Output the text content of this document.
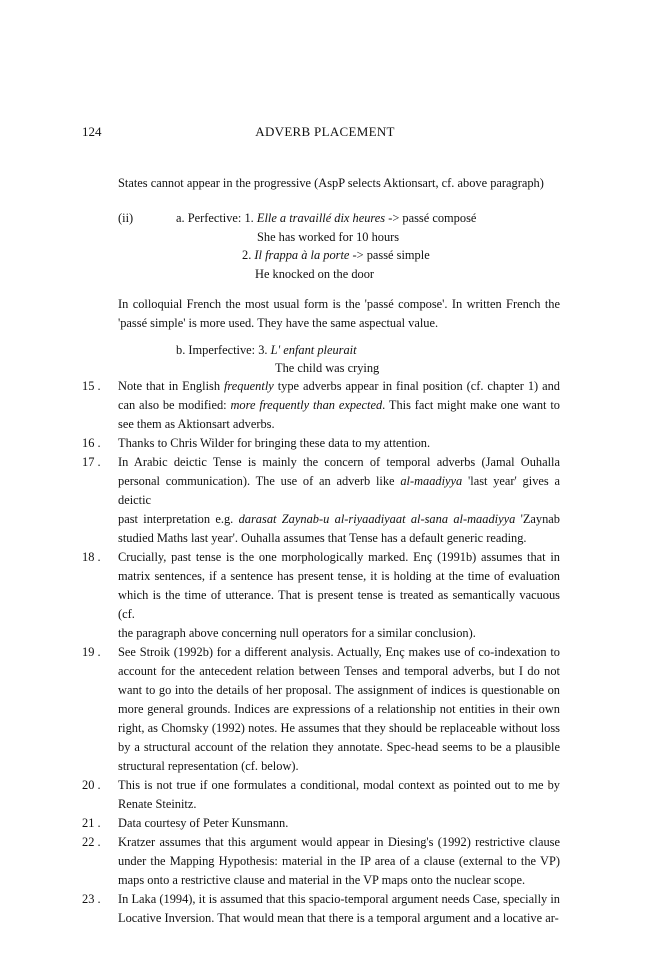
124	ADVERB PLACEMENT
States cannot appear in the progressive (AspP selects Aktionsart, cf. above paragraph)
(ii)	a. Perfective: 1. Elle a travaillé dix heures -> passé composé
She has worked for 10 hours
2. Il frappa à la porte -> passé simple
He knocked on the door
In colloquial French the most usual form is the 'passé compose'. In written French the
'passé simple' is more used. They have the same aspectual value.
b. Imperfective: 3. L' enfant pleurait
The child was crying
15 .	Note that in English frequently type adverbs appear in final position (cf. chapter 1) and
can also be modified: more frequently than expected. This fact might make one want to
see them as Aktionsart adverbs.
16 .	Thanks to Chris Wilder for bringing these data to my attention.
17 .	In Arabic deictic Tense is mainly the concern of temporal adverbs (Jamal Ouhalla
personal communication). The use of an adverb like al-maadiyya 'last year' gives a deictic
past interpretation e.g. darasat Zaynab-u al-riyaadiyaat al-sana al-maadiyya 'Zaynab
studied Maths last year'. Ouhalla assumes that Tense has a default generic reading.
18 .	Crucially, past tense is the one morphologically marked. Enç (1991b) assumes that in
matrix sentences, if a sentence has present tense, it is holding at the time of evaluation
which is the time of utterance. That is present tense is treated as semantically vacuous (cf.
the paragraph above concerning null operators for a similar conclusion).
19 .	See Stroik (1992b) for a different analysis. Actually, Enç makes use of co-indexation to
account for the antecedent relation between Tenses and temporal adverbs, but I do not
want to go into the details of her proposal. The assignment of indices is questionable on
more general grounds. Indices are expressions of a relationship not entities in their own
right, as Chomsky (1992) notes. He assumes that they should be replaceable without loss
by a structural account of the relation they annotate. Spec-head seems to be a plausible
structural representation (cf. below).
20 .	This is not true if one formulates a conditional, modal context as pointed out to me by
Renate Steinitz.
21 .	Data courtesy of Peter Kunsmann.
22 .	Kratzer assumes that this argument would appear in Diesing's (1992) restrictive clause
under the Mapping Hypothesis: material in the IP area of a clause (external to the VP)
maps onto a restrictive clause and material in the VP maps onto the nuclear scope.
23 .	In Laka (1994), it is assumed that this spacio-temporal argument needs Case, specially in
Locative Inversion. That would mean that there is a temporal argument and a locative ar-
